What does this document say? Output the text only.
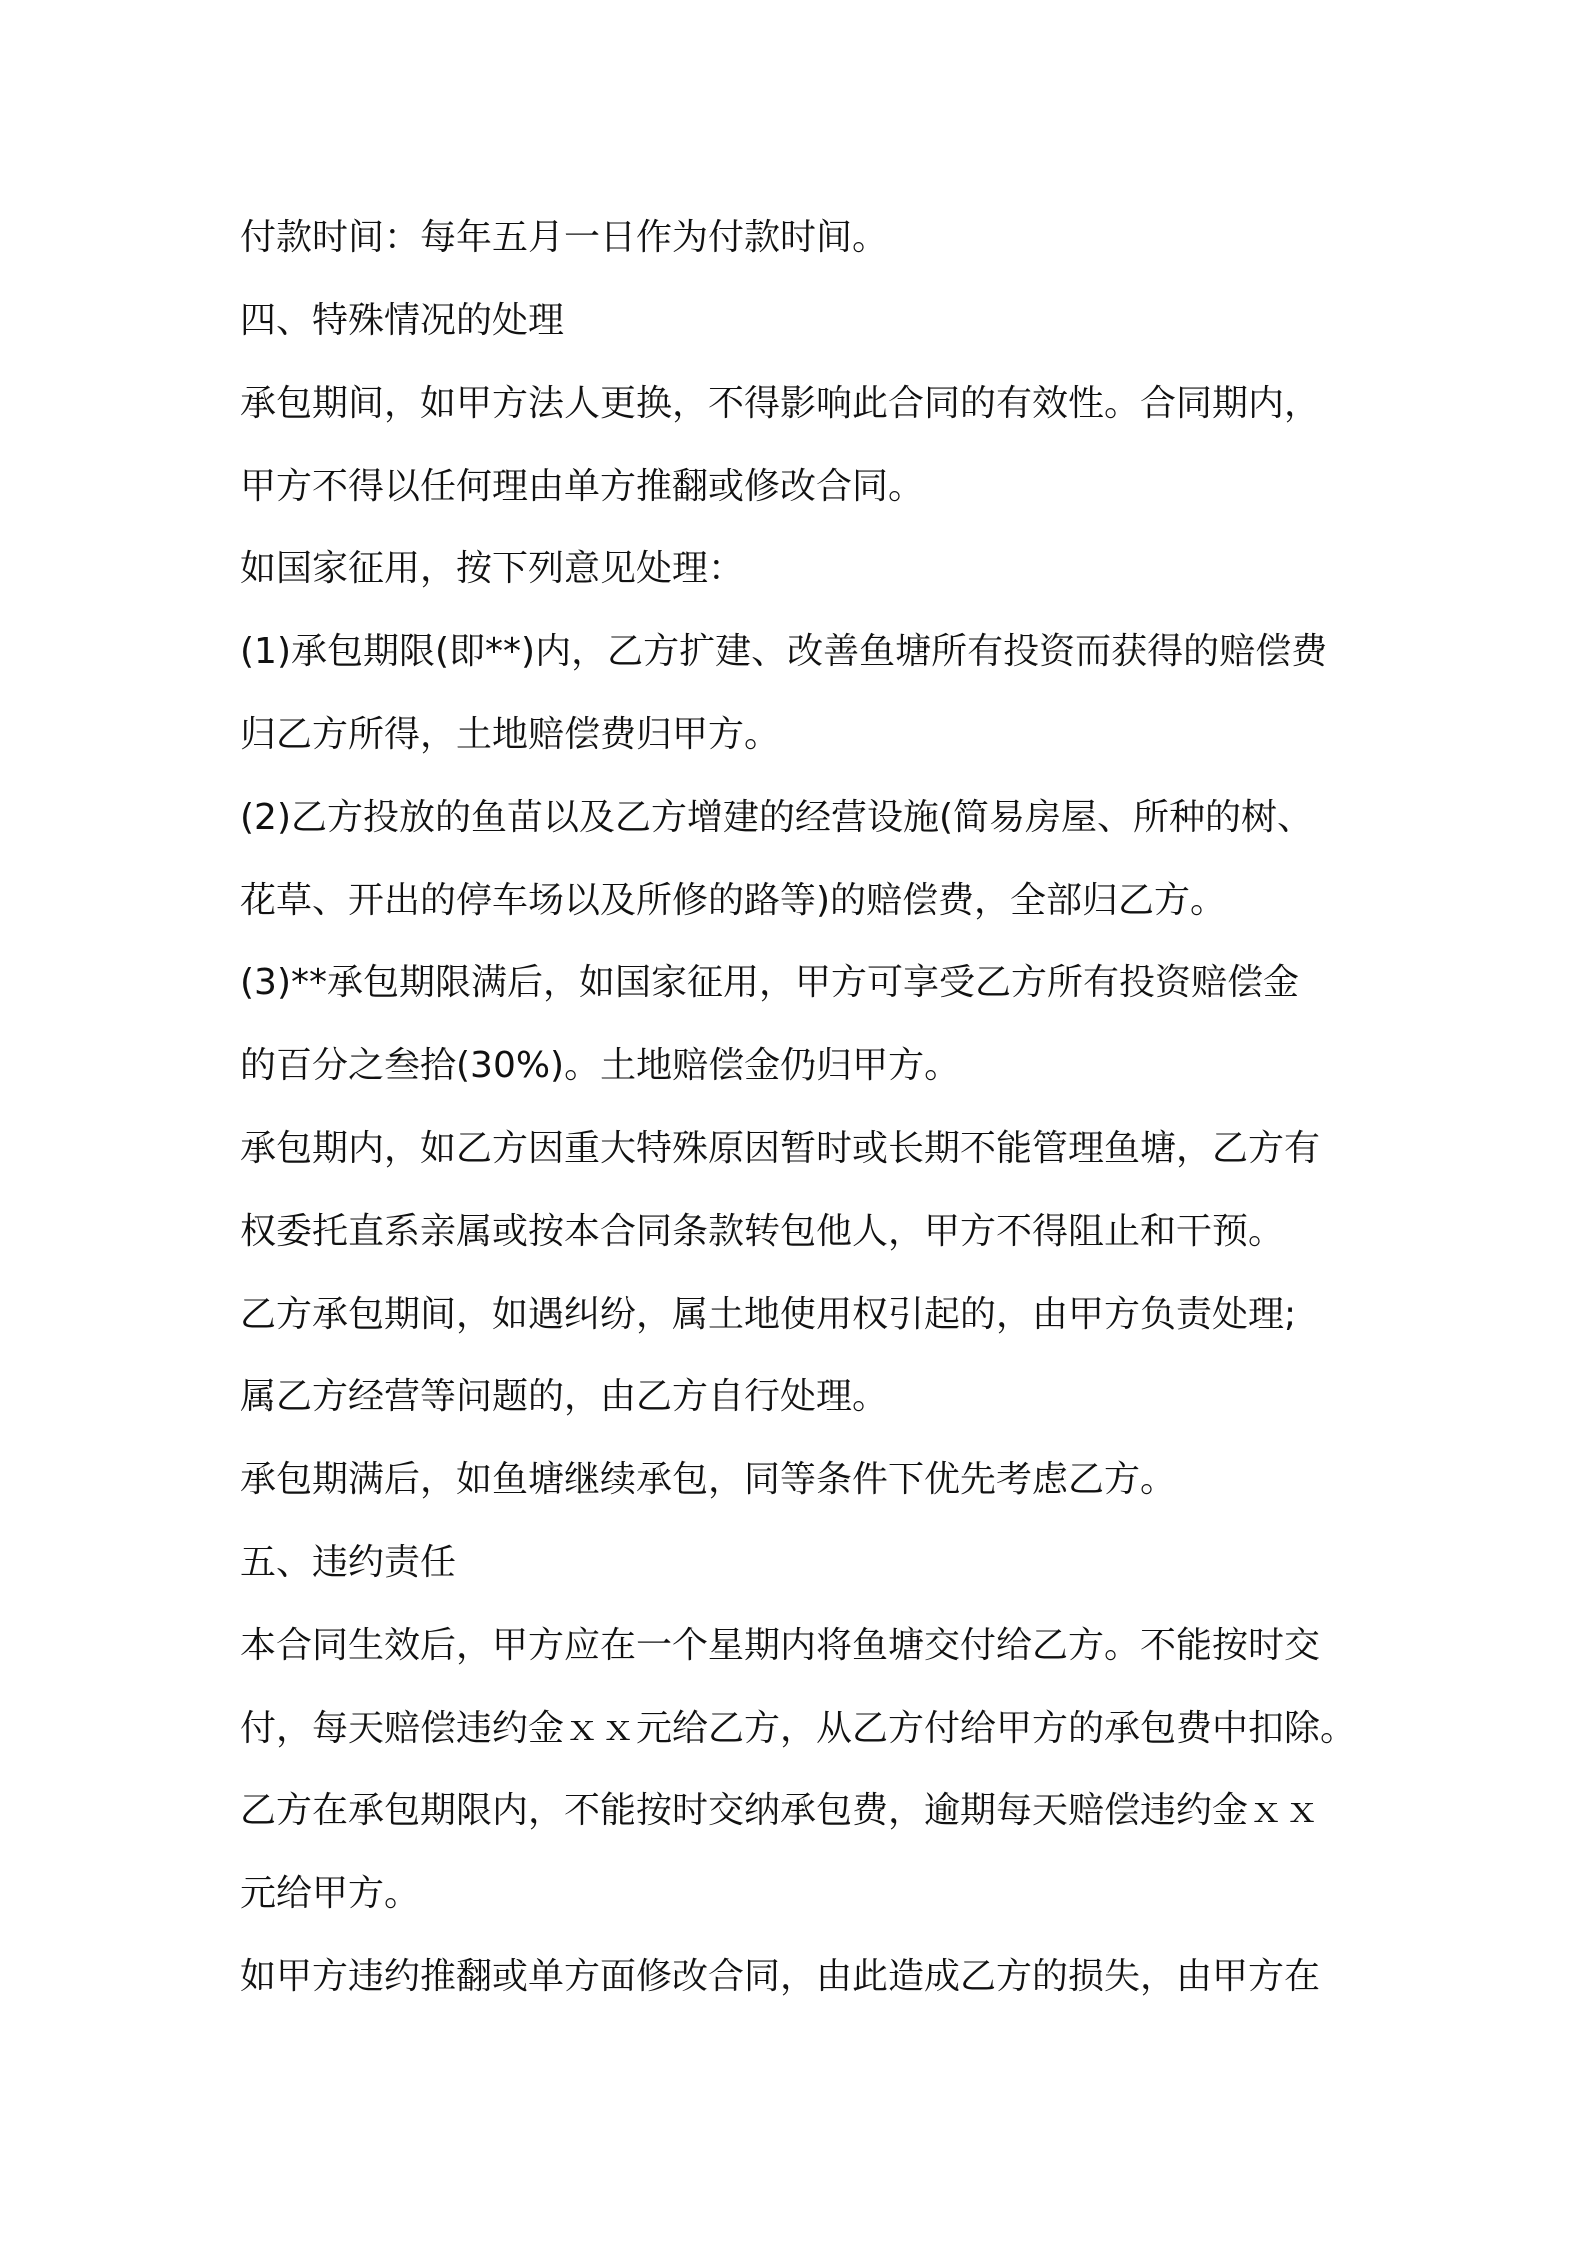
付款时间：每年五月一日作为付款时间。
四、特殊情况的处理
承包期间，如甲方法人更换，不得影响此合同的有效性。合同期内，
甲方不得以任何理由单方推翻或修改合同。
如国家征用，按下列意见处理：
(1)承包期限(即**)内，乙方扩建、改善鱼塘所有投资而获得的赔偿费
归乙方所得，土地赔偿费归甲方。
(2)乙方投放的鱼苗以及乙方增建的经营设施(简易房屋、所种的树、
花草、开出的停车场以及所修的路等)的赔偿费，全部归乙方。
(3)**承包期限满后，如国家征用，甲方可享受乙方所有投资赔偿金
的百分之叁拾(30%)。土地赔偿金仍归甲方。
承包期内，如乙方因重大特殊原因暂时或长期不能管理鱼塘，乙方有
权委托直系亲属或按本合同条款转包他人，甲方不得阻止和干预。
乙方承包期间，如遇纠纷，属土地使用权引起的，由甲方负责处理;
属乙方经营等问题的，由乙方自行处理。
承包期满后，如鱼塘继续承包，同等条件下优先考虑乙方。
五、违约责任
本合同生效后，甲方应在一个星期内将鱼塘交付给乙方。不能按时交
付，每天赔偿违约金ｘｘ元给乙方，从乙方付给甲方的承包费中扣除。
乙方在承包期限内，不能按时交纳承包费，逾期每天赔偿违约金ｘｘ
元给甲方。
如甲方违约推翻或单方面修改合同，由此造成乙方的损失，由甲方在
